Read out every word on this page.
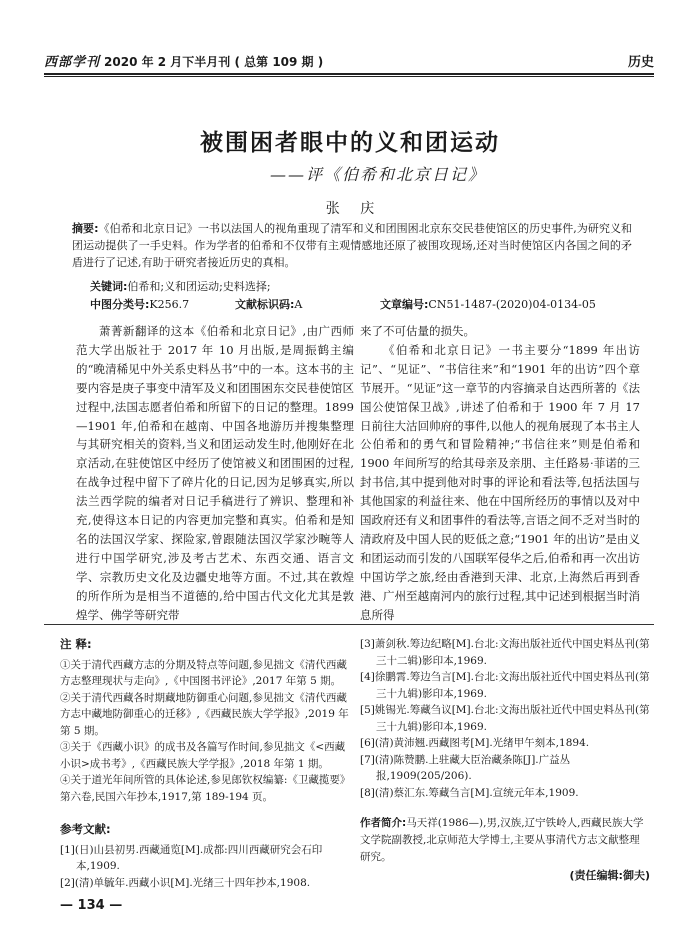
西部学刊 2020 年 2 月下半月刊 ( 总第 109 期 )	历史
被围困者眼中的义和团运动
——评《伯希和北京日记》
张 庆
摘要:《伯希和北京日记》一书以法国人的视角重现了清军和义和团围困北京东交民巷使馆区的历史事件,为研究义和团运动提供了一手史料。作为学者的伯希和不仅带有主观情感地还原了被围攻现场,还对当时使馆区内各国之间的矛盾进行了记述,有助于研究者接近历史的真相。
关键词:伯希和;义和团运动;史料选择;
中图分类号:K256.7	文献标识码:A	文章编号:CN51-1487-(2020)04-0134-05

萧菁新翻译的这本《伯希和北京日记》,由广西师范大学出版社于 2017 年 10 月出版,是周振鹤主编的“晚清稀见中外关系史料丛书”中的一本。这本书的主要内容是庚子事变中清军及义和团围困东交民巷使馆区过程中,法国志愿者伯希和所留下的日记的整理。1899—1901 年,伯希和在越南、中国各地游历并搜集整理与其研究相关的资料,当义和团运动发生时,他刚好在北京活动,在驻使馆区中经历了使馆被义和团围困的过程,在战争过程中留下了碎片化的日记,因为足够真实,所以法兰西学院的编者对日记手稿进行了辨识、整理和补充,使得这本日记的内容更加完整和真实。伯希和是知名的法国汉学家、探险家,曾跟随法国汉学家沙畹等人进行中国学研究,涉及考古艺术、东西交通、语言文学、宗教历史文化及边疆史地等方面。不过,其在敦煌的所作所为是相当不道德的,给中国古代文化尤其是敦煌学、佛学等研究带

来了不可估量的损失。

《伯希和北京日记》一书主要分“1899 年出访记”、“见证”、“书信往来”和“1901 年的出访”四个章节展开。“见证”这一章节的内容摘录自达西所著的《法国公使馆保卫战》,讲述了伯希和于 1900 年 7 月 17 日前往大沽回帅府的事件,以他人的视角展现了本书主人公伯希和的勇气和冒险精神;“书信往来”则是伯希和 1900 年间所写的给其母亲及亲朋、主任路易·菲诺的三封书信,其中提到他对时事的评论和看法等,包括法国与其他国家的利益往来、他在中国所经历的事情以及对中国政府还有义和团事件的看法等,言语之间不乏对当时的清政府及中国人民的贬低之意;“1901 年的出访”是由义和团运动而引发的八国联军侵华之后,伯希和再一次出访中国访学之旅,经由香港到天津、北京,上海然后再到香港、广州至越南河内的旅行过程,其中记述到根据当时消息所得

注 释:
①关于清代西藏方志的分期及特点等问题,参见拙文《清代西藏方志整理现状与走向》,《中国图书评论》,2017 年第 5 期。
②关于清代西藏各时期藏地防御重心问题,参见拙文《清代西藏方志中藏地防御重心的迁移》,《西藏民族大学学报》,2019 年第 5 期。
③关于《西藏小识》的成书及各篇写作时间,参见拙文《<西藏小识>成书考》,《西藏民族大学学报》,2018 年第 1 期。
④关于道光年间所管的具体论述,参见郎钦权编纂:《卫藏揽要》第六卷,民国六年抄本,1917,第 189-194 页。
参考文献:
[1](日)山县初男.西藏通览[M].成都:四川西藏研究会石印本,1909.
[2](清)单毓年.西藏小识[M].光绪三十四年抄本,1908.
[3]萧剑秋.筹边纪略[M].台北:文海出版社近代中国史料丛刊(第三十二辑)影印本,1969.
[4]徐鹏霄.筹边刍言[M].台北:文海出版社近代中国史料丛刊(第三十九辑)影印本,1969.
[5]姚锡光.筹藏刍议[M].台北:文海出版社近代中国史料丛刊(第三十九辑)影印本,1969.
[6](清)黄沛翘.西藏图考[M].光绪甲午刻本,1894.
[7](清)陈赞鹏.上驻藏大臣治藏条陈[J].广益丛报,1909(205/206).
[8](清)蔡汇东.筹藏刍言[M].宣统元年本,1909.
作者简介:马天祥(1986—),男,汉族,辽宁铁岭人,西藏民族大学文学院副教授,北京师范大学博士,主要从事清代方志文献整理研究。
(责任编辑:御夫)
— 134 —
